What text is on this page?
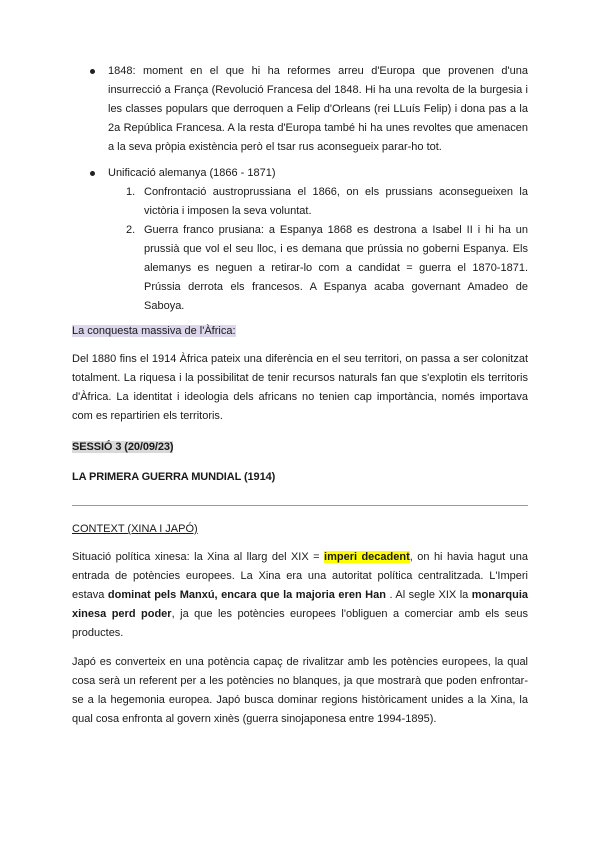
1848: moment en el que hi ha reformes arreu d'Europa que provenen d'una insurrecció a França (Revolució Francesa del 1848. Hi ha una revolta de la burgesia i les classes populars que derroquen a Felip d'Orleans (rei LLuís Felip) i dona pas a la 2a República Francesa. A la resta d'Europa també hi ha unes revoltes que amenacen a la seva pròpia existència però el tsar rus aconsegueix parar-ho tot.

Unificació alemanya (1866 - 1871)

1. Confrontació austroprussiana el 1866, on els prussians aconsegueixen la victòria i imposen la seva voluntat.

2. Guerra franco prusiana: a Espanya 1868 es destrona a Isabel II i hi ha un prussià que vol el seu lloc, i es demana que prússia no goberni Espanya. Els alemanys es neguen a retirar-lo com a candidat = guerra el 1870-1871. Prússia derrota els francesos. A Espanya acaba governant Amadeo de Saboya.

La conquesta massiva de l'Àfrica:

Del 1880 fins el 1914 Àfrica pateix una diferència en el seu territori, on passa a ser colonitzat totalment. La riquesa i la possibilitat de tenir recursos naturals fan que s'explotin els territoris d'Àfrica. La identitat i ideologia dels africans no tenien cap importància, només importava com es repartirien els territoris.

SESSIÓ 3 (20/09/23)

LA PRIMERA GUERRA MUNDIAL (1914)

CONTEXT (XINA I JAPÓ)

Situació política xinesa: la Xina al llarg del XIX = imperi decadent, on hi havia hagut una entrada de potències europees. La Xina era una autoritat política centralitzada. L'Imperi estava dominat pels Manxú, encara que la majoria eren Han . Al segle XIX la monarquia xinesa perd poder, ja que les potències europees l'obliguen a comerciar amb els seus productes.

Japó es converteix en una potència capaç de rivalitzar amb les potències europees, la qual cosa serà un referent per a les potències no blanques, ja que mostrarà que poden enfrontar-se a la hegemonia europea. Japó busca dominar regions històricament unides a la Xina, la qual cosa enfronta al govern xinès (guerra sinojaponesa entre 1994-1895).
